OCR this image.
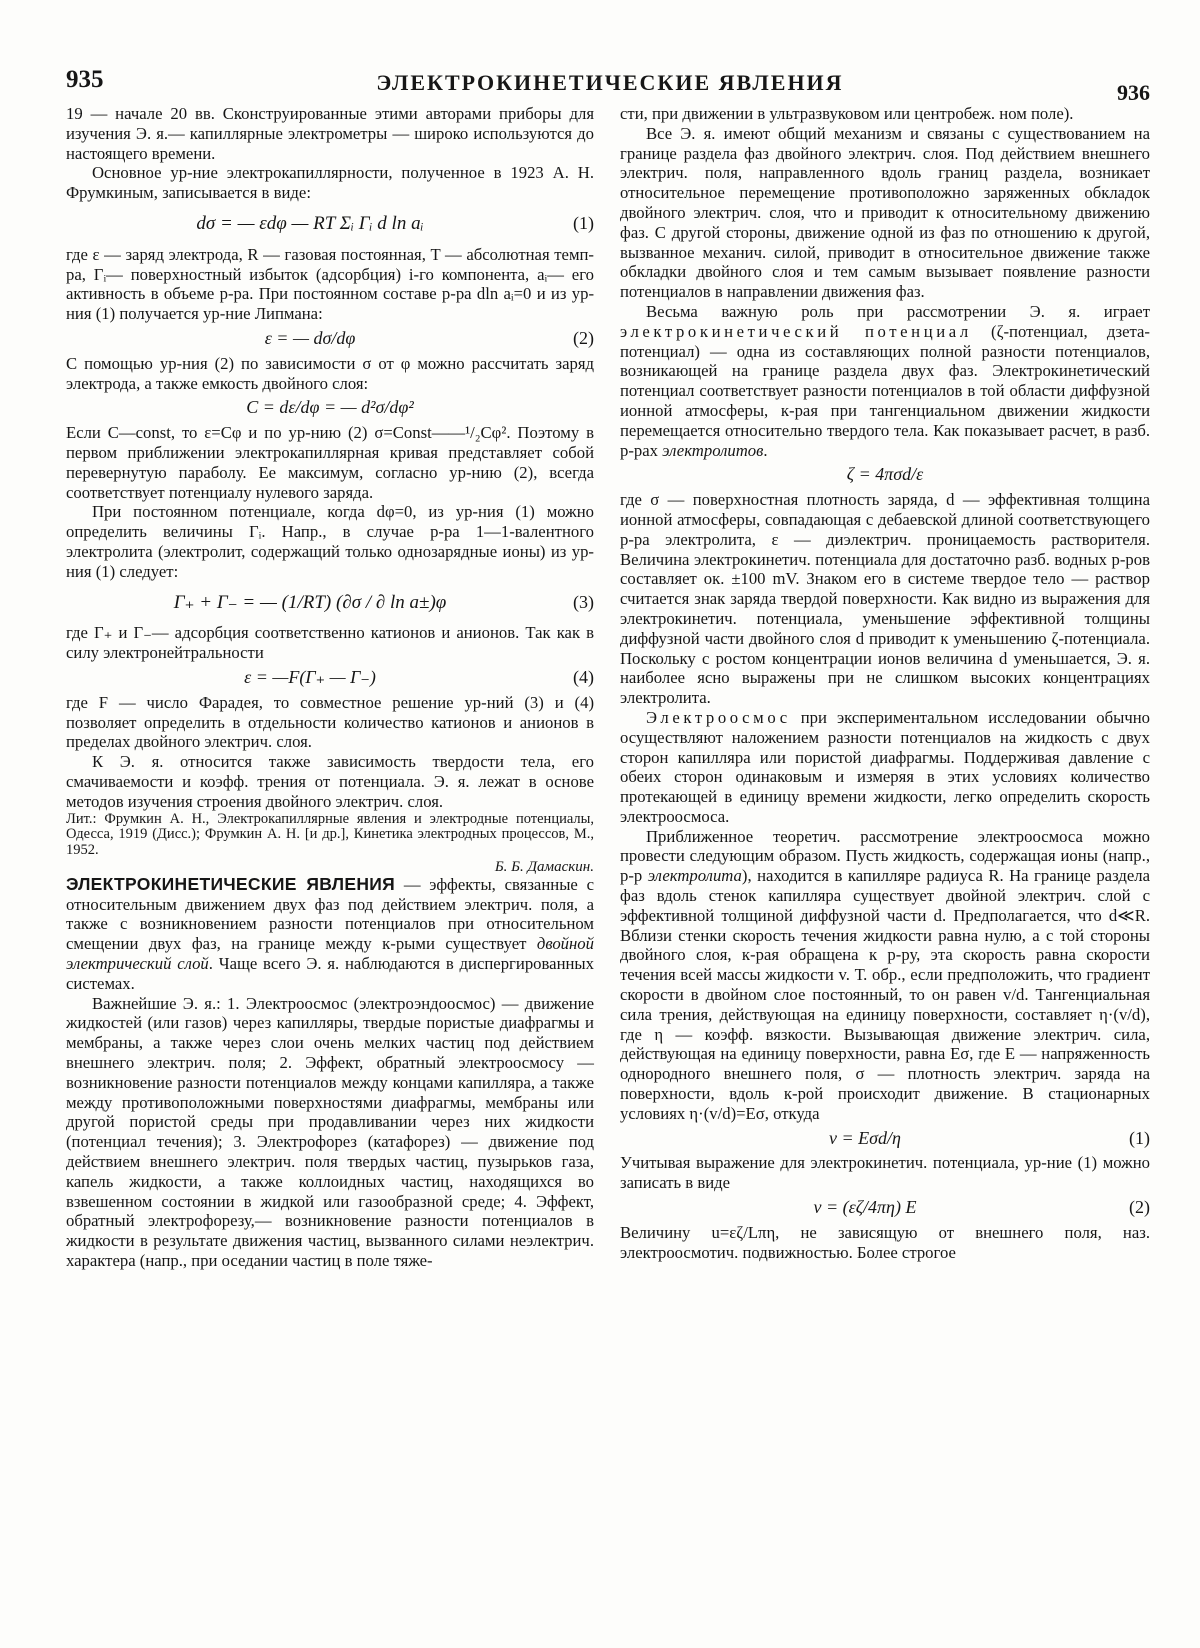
935	ЭЛЕКТРОКИНЕТИЧЕСКИЕ ЯВЛЕНИЯ	936

19 — начале 20 вв. Сконструированные этими авторами приборы для изучения Э. я.— капиллярные электрометры — широко используются до настоящего времени.

Основное ур-ние электрокапиллярности, полученное в 1923 А. Н. Фрумкиным, записывается в виде:

dσ = — εdφ — RT Σᵢ Γᵢ d ln aᵢ	(1)

где ε — заряд электрода, R — газовая постоянная, T — абсолютная темп-ра, Γᵢ— поверхностный избыток (адсорбция) i-го компонента, aᵢ— его активность в объеме р-ра. При постоянном составе р-ра dln aᵢ=0 и из ур-ния (1) получается ур-ние Липмана:

ε = — dσ/dφ	(2)

С помощью ур-ния (2) по зависимости σ от φ можно рассчитать заряд электрода, а также емкость двойного слоя:

C = dε/dφ = — d²σ/dφ²

Если C—const, то ε=Cφ и по ур-нию (2) σ=Const——¹/₂Cφ². Поэтому в первом приближении электрокапиллярная кривая представляет собой перевернутую параболу. Ее максимум, согласно ур-нию (2), всегда соответствует потенциалу нулевого заряда.

При постоянном потенциале, когда dφ=0, из ур-ния (1) можно определить величины Γᵢ. Напр., в случае р-ра 1—1-валентного электролита (электролит, содержащий только однозарядные ионы) из ур-ния (1) следует:

Γ₊ + Γ₋ = — (1/RT) (∂σ / ∂ ln a±)φ	(3)

где Γ₊ и Γ₋— адсорбция соответственно катионов и анионов. Так как в силу электронейтральности

ε = —F(Γ₊ — Γ₋)	(4)

где F — число Фарадея, то совместное решение ур-ний (3) и (4) позволяет определить в отдельности количество катионов и анионов в пределах двойного электрич. слоя.

К Э. я. относится также зависимость твердости тела, его смачиваемости и коэфф. трения от потенциала. Э. я. лежат в основе методов изучения строения двойного электрич. слоя.

Лит.: Фрумкин А. Н., Электрокапиллярные явления и электродные потенциалы, Одесса, 1919 (Дисс.); Фрумкин А. Н. [и др.], Кинетика электродных процессов, М., 1952.

Б. Б. Дамаскин.

ЭЛЕКТРОКИНЕТИЧЕСКИЕ ЯВЛЕНИЯ — эффекты, связанные с относительным движением двух фаз под действием электрич. поля, а также с возникновением разности потенциалов при относительном смещении двух фаз, на границе между к-рыми существует двойной электрический слой. Чаще всего Э. я. наблюдаются в диспергированных системах.

Важнейшие Э. я.: 1. Электроосмос (электроэндоосмос) — движение жидкостей (или газов) через капилляры, твердые пористые диафрагмы и мембраны, а также через слои очень мелких частиц под действием внешнего электрич. поля; 2. Эффект, обратный электроосмосу — возникновение разности потенциалов между концами капилляра, а также между противоположными поверхностями диафрагмы, мембраны или другой пористой среды при продавливании через них жидкости (потенциал течения); 3. Электрофорез (катафорез) — движение под действием внешнего электрич. поля твердых частиц, пузырьков газа, капель жидкости, а также коллоидных частиц, находящихся во взвешенном состоянии в жидкой или газообразной среде; 4. Эффект, обратный электрофорезу,— возникновение разности потенциалов в жидкости в результате движения частиц, вызванного силами неэлектрич. характера (напр., при оседании частиц в поле тяже-

сти, при движении в ультразвуковом или центробеж. ном поле).

Все Э. я. имеют общий механизм и связаны с существованием на границе раздела фаз двойного электрич. слоя. Под действием внешнего электрич. поля, направленного вдоль границ раздела, возникает относительное перемещение противоположно заряженных обкладок двойного электрич. слоя, что и приводит к относительному движению фаз. С другой стороны, движение одной из фаз по отношению к другой, вызванное механич. силой, приводит в относительное движение также обкладки двойного слоя и тем самым вызывает появление разности потенциалов в направлении движения фаз.

Весьма важную роль при рассмотрении Э. я. играет электрокинетический потенциал (ζ-потенциал, дзета-потенциал) — одна из составляющих полной разности потенциалов, возникающей на границе раздела двух фаз. Электрокинетический потенциал соответствует разности потенциалов в той области диффузной ионной атмосферы, к-рая при тангенциальном движении жидкости перемещается относительно твердого тела. Как показывает расчет, в разб. р-рах электролитов.

ζ = 4πσd/ε

где σ — поверхностная плотность заряда, d — эффективная толщина ионной атмосферы, совпадающая с дебаевской длиной соответствующего р-ра электролита, ε — диэлектрич. проницаемость растворителя. Величина электрокинетич. потенциала для достаточно разб. водных р-ров составляет ок. ±100 mV. Знаком его в системе твердое тело — раствор считается знак заряда твердой поверхности. Как видно из выражения для электрокинетич. потенциала, уменьшение эффективной толщины диффузной части двойного слоя d приводит к уменьшению ζ-потенциала. Поскольку с ростом концентрации ионов величина d уменьшается, Э. я. наиболее ясно выражены при не слишком высоких концентрациях электролита.

Электроосмос при экспериментальном исследовании обычно осуществляют наложением разности потенциалов на жидкость с двух сторон капилляра или пористой диафрагмы. Поддерживая давление с обеих сторон одинаковым и измеряя в этих условиях количество протекающей в единицу времени жидкости, легко определить скорость электроосмоса.

Приближенное теоретич. рассмотрение электроосмоса можно провести следующим образом. Пусть жидкость, содержащая ионы (напр., р-р электролита), находится в капилляре радиуса R. На границе раздела фаз вдоль стенок капилляра существует двойной электрич. слой с эффективной толщиной диффузной части d. Предполагается, что d≪R. Вблизи стенки скорость течения жидкости равна нулю, а с той стороны двойного слоя, к-рая обращена к р-ру, эта скорость равна скорости течения всей массы жидкости v. Т. обр., если предположить, что градиент скорости в двойном слое постоянный, то он равен v/d. Тангенциальная сила трения, действующая на единицу поверхности, составляет η·(v/d), где η — коэфф. вязкости. Вызывающая движение электрич. сила, действующая на единицу поверхности, равна Eσ, где E — напряженность однородного внешнего поля, σ — плотность электрич. заряда на поверхности, вдоль к-рой происходит движение. В стационарных условиях η·(v/d)=Eσ, откуда

v = Eσd/η	(1)

Учитывая выражение для электрокинетич. потенциала, ур-ние (1) можно записать в виде

v = (εζ/4πη) E	(2)

Величину u=εζ/Lπη, не зависящую от внешнего поля, наз. электроосмотич. подвижностью. Более строгое
